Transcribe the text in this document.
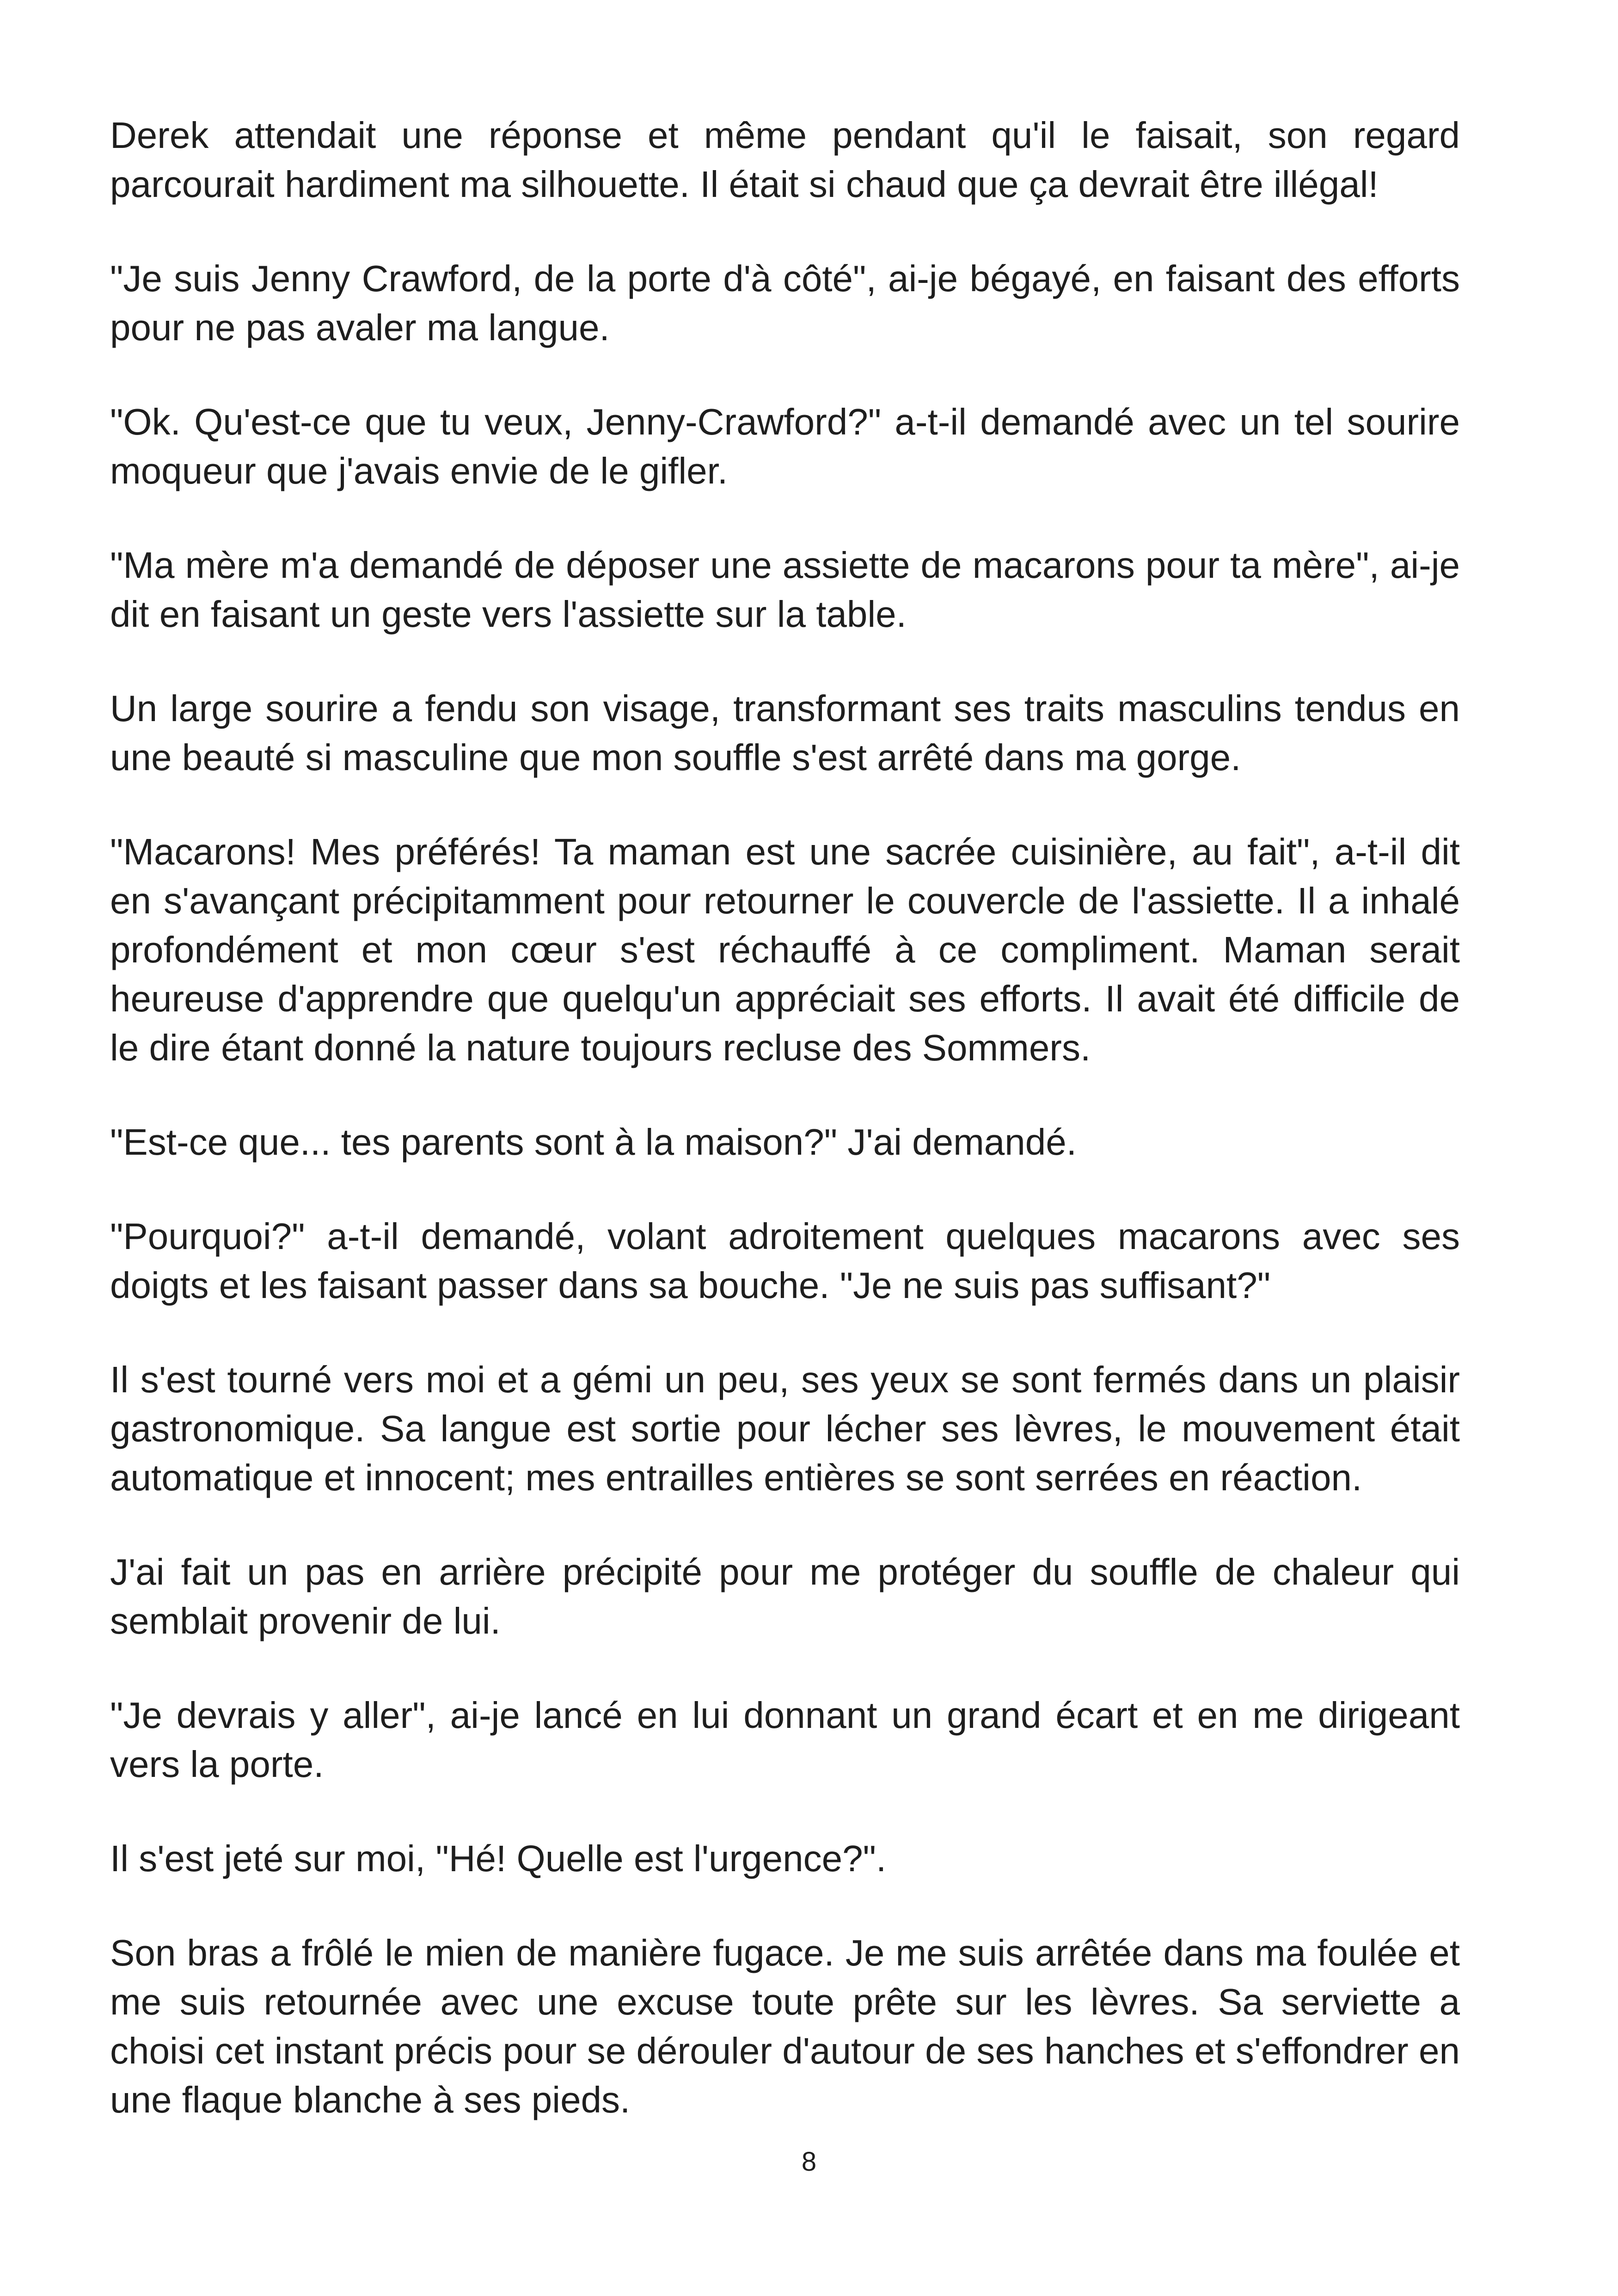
Derek attendait une réponse et même pendant qu'il le faisait, son regard parcourait hardiment ma silhouette. Il était si chaud que ça devrait être illégal!

"Je suis Jenny Crawford, de la porte d'à côté", ai-je bégayé, en faisant des efforts pour ne pas avaler ma langue.

"Ok. Qu'est-ce que tu veux, Jenny-Crawford?" a-t-il demandé avec un tel sourire moqueur que j'avais envie de le gifler.

"Ma mère m'a demandé de déposer une assiette de macarons pour ta mère", ai-je dit en faisant un geste vers l'assiette sur la table.

Un large sourire a fendu son visage, transformant ses traits masculins tendus en une beauté si masculine que mon souffle s'est arrêté dans ma gorge.

"Macarons! Mes préférés! Ta maman est une sacrée cuisinière, au fait", a-t-il dit en s'avançant précipitamment pour retourner le couvercle de l'assiette. Il a inhalé profondément et mon cœur s'est réchauffé à ce compliment. Maman serait heureuse d'apprendre que quelqu'un appréciait ses efforts. Il avait été difficile de le dire étant donné la nature toujours recluse des Sommers.

"Est-ce que... tes parents sont à la maison?" J'ai demandé.

"Pourquoi?" a-t-il demandé, volant adroitement quelques macarons avec ses doigts et les faisant passer dans sa bouche. "Je ne suis pas suffisant?"

Il s'est tourné vers moi et a gémi un peu, ses yeux se sont fermés dans un plaisir gastronomique. Sa langue est sortie pour lécher ses lèvres, le mouvement était automatique et innocent; mes entrailles entières se sont serrées en réaction.

J'ai fait un pas en arrière précipité pour me protéger du souffle de chaleur qui semblait provenir de lui.

"Je devrais y aller", ai-je lancé en lui donnant un grand écart et en me dirigeant vers la porte.

Il s'est jeté sur moi, "Hé! Quelle est l'urgence?".

Son bras a frôlé le mien de manière fugace. Je me suis arrêtée dans ma foulée et me suis retournée avec une excuse toute prête sur les lèvres. Sa serviette a choisi cet instant précis pour se dérouler d'autour de ses hanches et s'effondrer en une flaque blanche à ses pieds.

8
